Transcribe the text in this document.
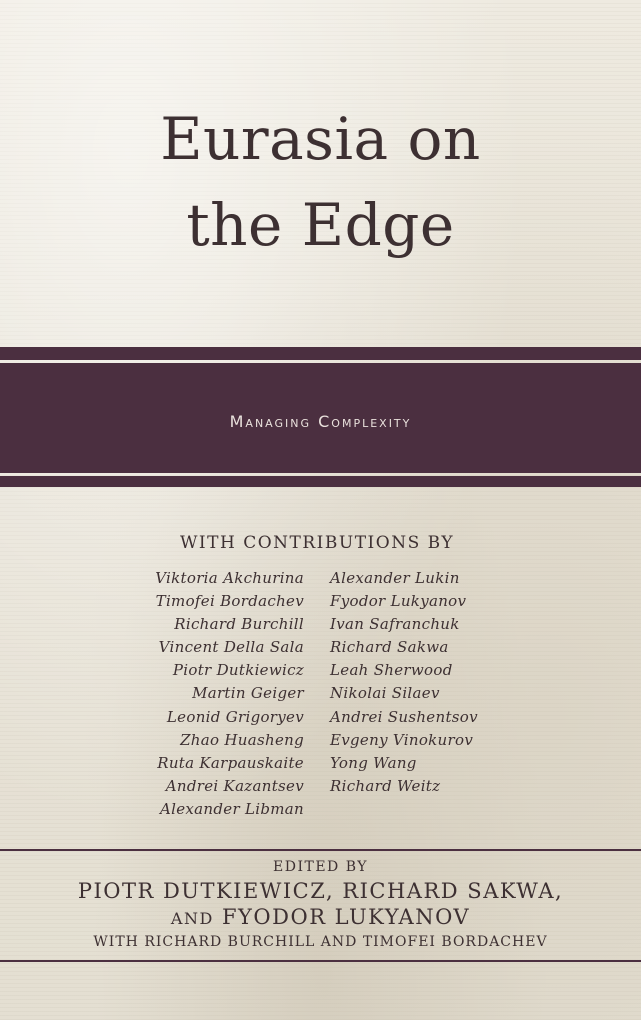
Eurasia on
the Edge
Managing Complexity
WITH CONTRIBUTIONS BY
Viktoria Akchurina
Timofei Bordachev
Richard Burchill
Vincent Della Sala
Piotr Dutkiewicz
Martin Geiger
Leonid Grigoryev
Zhao Huasheng
Ruta Karpauskaite
Andrei Kazantsev
Alexander Libman
Alexander Lukin
Fyodor Lukyanov
Ivan Safranchuk
Richard Sakwa
Leah Sherwood
Nikolai Silaev
Andrei Sushentsov
Evgeny Vinokurov
Yong Wang
Richard Weitz
EDITED BY
PIOTR DUTKIEWICZ, RICHARD SAKWA,
AND FYODOR LUKYANOV
WITH RICHARD BURCHILL AND TIMOFEI BORDACHEV
